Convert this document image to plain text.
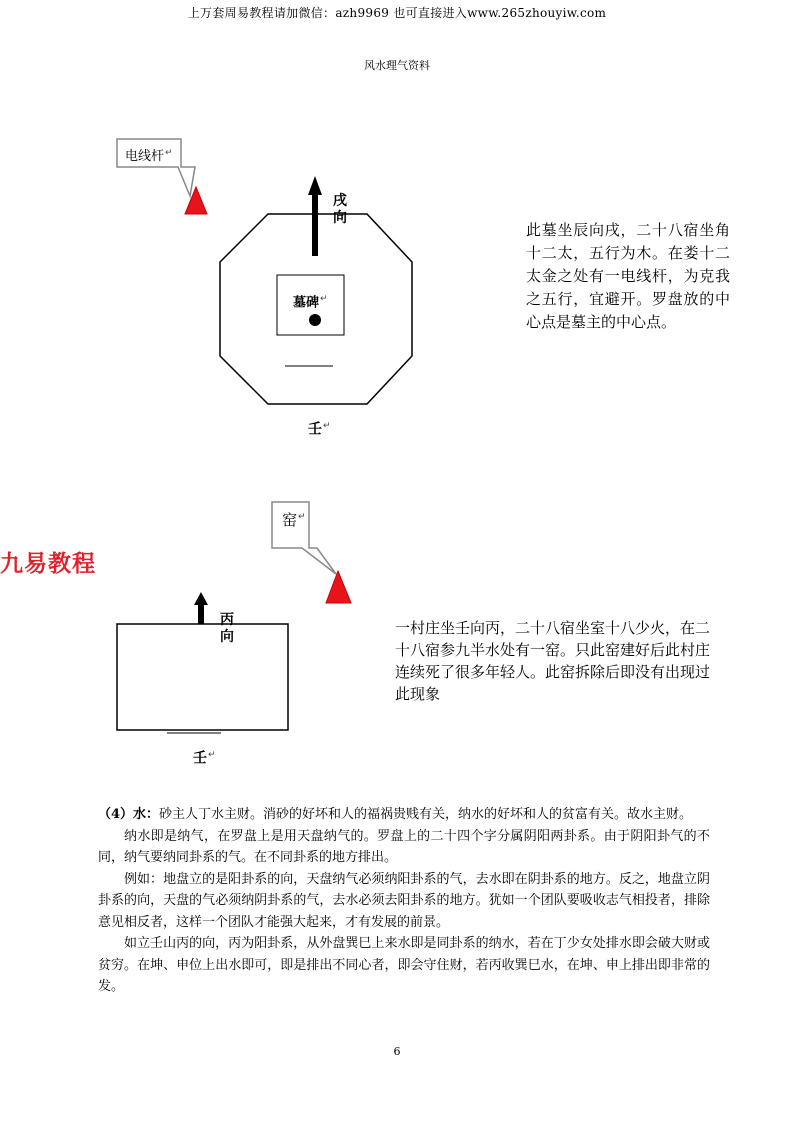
上万套周易教程请加微信：azh9969 也可直接进入www.265zhouyiw.com
风水理气资料
电线杆↵
戌
向
墓碑↵
壬↵
此墓坐辰向戌，二十八宿坐角十二太，五行为木。在娄十二太金之处有一电线杆，为克我之五行，宜避开。罗盘放的中心点是墓主的中心点。
九易教程
窑↵
丙
向
壬↵
一村庄坐壬向丙，二十八宿坐室十八少火，在二十八宿参九半水处有一窑。只此窑建好后此村庄连续死了很多年轻人。此窑拆除后即没有出现过此现象

（4）水：砂主人丁水主财。消砂的好坏和人的福祸贵贱有关，纳水的好坏和人的贫富有关。故水主财。

纳水即是纳气，在罗盘上是用天盘纳气的。罗盘上的二十四个字分属阴阳两卦系。由于阴阳卦气的不同，纳气要纳同卦系的气。在不同卦系的地方排出。

例如：地盘立的是阳卦系的向，天盘纳气必须纳阳卦系的气，去水即在阴卦系的地方。反之，地盘立阴卦系的向，天盘的气必须纳阴卦系的气，去水必须去阳卦系的地方。犹如一个团队要吸收志气相投者，排除意见相反者，这样一个团队才能强大起来，才有发展的前景。

如立壬山丙的向，丙为阳卦系，从外盘巽巳上来水即是同卦系的纳水，若在丁少女处排水即会破大财或贫穷。在坤、申位上出水即可，即是排出不同心者，即会守住财，若丙收巽巳水，在坤、申上排出即非常的发。

6
